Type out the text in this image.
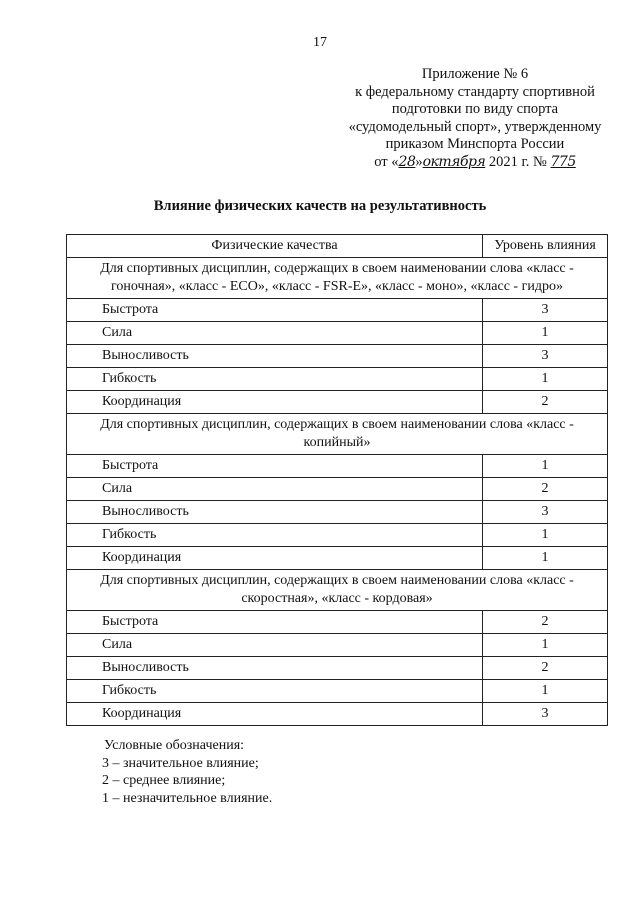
17
Приложение № 6
к федеральному стандарту спортивной
подготовки по виду спорта
«судомодельный спорт», утвержденному
приказом Минспорта России
от «28»октября 2021 г. № 775
Влияние физических качеств на результативность
Физические качества	Уровень влияния
Для спортивных дисциплин, содержащих в своем наименовании слова «класс - гоночная», «класс - ECO», «класс - FSR-E», «класс - моно», «класс - гидро»	
Быстрота	3
Сила	1
Выносливость	3
Гибкость	1
Координация	2
Для спортивных дисциплин, содержащих в своем наименовании слова «класс - копийный»	
Быстрота	1
Сила	2
Выносливость	3
Гибкость	1
Координация	1
Для спортивных дисциплин, содержащих в своем наименовании слова «класс - скоростная», «класс - кордовая»	
Быстрота	2
Сила	1
Выносливость	2
Гибкость	1
Координация	3
Условные обозначения:
3 – значительное влияние;
2 – среднее влияние;
1 – незначительное влияние.
